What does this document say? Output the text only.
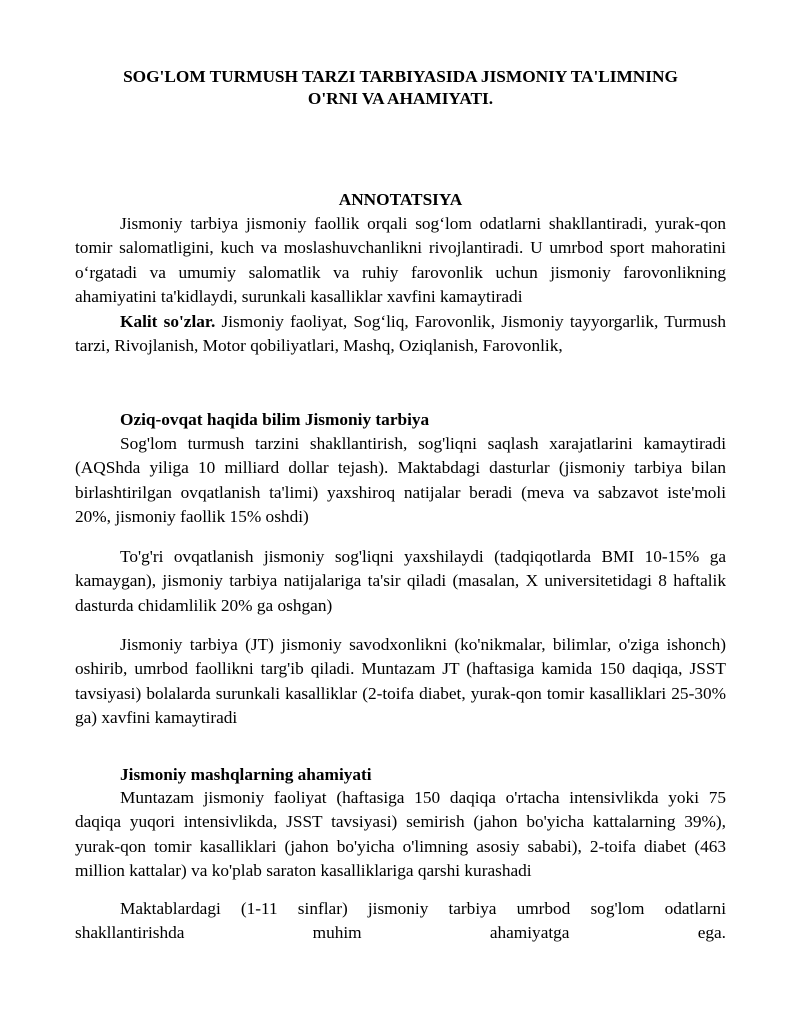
SOG'LOM TURMUSH TARZI TARBIYASIDA JISMONIY TA'LIMNING
O'RNI VA AHAMIYATI.
ANNOTATSIYA

Jismoniy tarbiya jismoniy faollik orqali sog‘lom odatlarni shakllantiradi, yurak-qon tomir salomatligini, kuch va moslashuvchanlikni rivojlantiradi. U umrbod sport mahoratini o‘rgatadi va umumiy salomatlik va ruhiy farovonlik uchun jismoniy farovonlikning ahamiyatini ta'kidlaydi, surunkali kasalliklar xavfini kamaytiradi

Kalit so'zlar. Jismoniy faoliyat, Sog‘liq, Farovonlik, Jismoniy tayyorgarlik, Turmush tarzi, Rivojlanish, Motor qobiliyatlari, Mashq, Oziqlanish, Farovonlik,

Oziq-ovqat haqida bilim Jismoniy tarbiya

Sog'lom turmush tarzini shakllantirish, sog'liqni saqlash xarajatlarini kamaytiradi (AQShda yiliga 10 milliard dollar tejash). Maktabdagi dasturlar (jismoniy tarbiya bilan birlashtirilgan ovqatlanish ta'limi) yaxshiroq natijalar beradi (meva va sabzavot iste'moli 20%, jismoniy faollik 15% oshdi)

To'g'ri ovqatlanish jismoniy sog'liqni yaxshilaydi (tadqiqotlarda BMI 10-15% ga kamaygan), jismoniy tarbiya natijalariga ta'sir qiladi (masalan, X universitetidagi 8 haftalik dasturda chidamlilik 20% ga oshgan)

Jismoniy tarbiya (JT) jismoniy savodxonlikni (ko'nikmalar, bilimlar, o'ziga ishonch) oshirib, umrbod faollikni targ'ib qiladi. Muntazam JT (haftasiga kamida 150 daqiqa, JSST tavsiyasi) bolalarda surunkali kasalliklar (2-toifa diabet, yurak-qon tomir kasalliklari 25-30% ga) xavfini kamaytiradi

Jismoniy mashqlarning ahamiyati

Muntazam jismoniy faoliyat (haftasiga 150 daqiqa o'rtacha intensivlikda yoki 75 daqiqa yuqori intensivlikda, JSST tavsiyasi) semirish (jahon bo'yicha kattalarning 39%), yurak-qon tomir kasalliklari (jahon bo'yicha o'limning asosiy sababi), 2-toifa diabet (463 million kattalar) va ko'plab saraton kasalliklariga qarshi kurashadi

Maktablardagi (1-11 sinflar) jismoniy tarbiya umrbod sog'lom odatlarni shakllantirishda muhim ahamiyatga ega.
